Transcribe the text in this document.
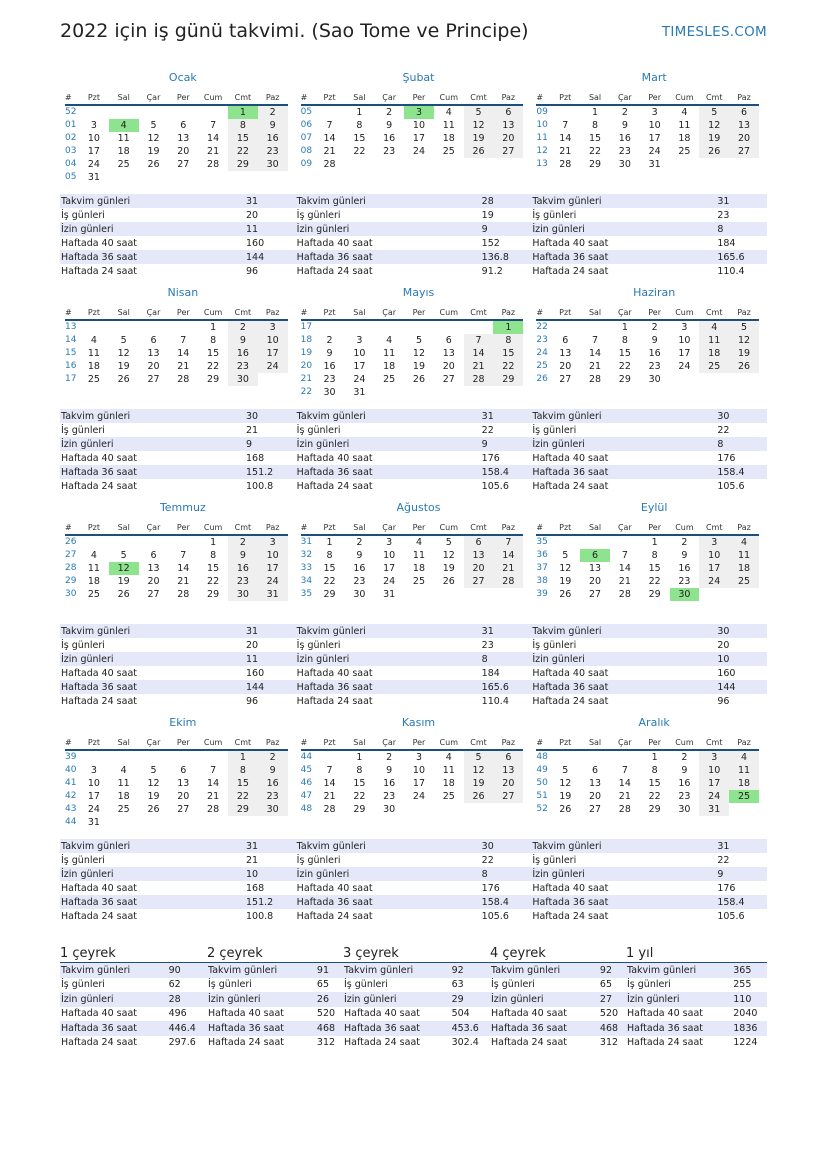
2022 için iş günü takvimi. (Sao Tome ve Principe)	TIMESLES.COM
Ocak
#	Pzt	Sal	Çar	Per	Cum	Cmt	Paz
52						1	2
01	3	4	5	6	7	8	9
02	10	11	12	13	14	15	16
03	17	18	19	20	21	22	23
04	24	25	26	27	28	29	30
05	31						
Takvim günleri	31
İş günleri	20
İzin günleri	11
Haftada 40 saat	160
Haftada 36 saat	144
Haftada 24 saat	96
Şubat
#	Pzt	Sal	Çar	Per	Cum	Cmt	Paz
05		1	2	3	4	5	6
06	7	8	9	10	11	12	13
07	14	15	16	17	18	19	20
08	21	22	23	24	25	26	27
09	28						
Takvim günleri	28
İş günleri	19
İzin günleri	9
Haftada 40 saat	152
Haftada 36 saat	136.8
Haftada 24 saat	91.2
Mart
#	Pzt	Sal	Çar	Per	Cum	Cmt	Paz
09		1	2	3	4	5	6
10	7	8	9	10	11	12	13
11	14	15	16	17	18	19	20
12	21	22	23	24	25	26	27
13	28	29	30	31			
Takvim günleri	31
İş günleri	23
İzin günleri	8
Haftada 40 saat	184
Haftada 36 saat	165.6
Haftada 24 saat	110.4
Nisan
#	Pzt	Sal	Çar	Per	Cum	Cmt	Paz
13					1	2	3
14	4	5	6	7	8	9	10
15	11	12	13	14	15	16	17
16	18	19	20	21	22	23	24
17	25	26	27	28	29	30	
Takvim günleri	30
İş günleri	21
İzin günleri	9
Haftada 40 saat	168
Haftada 36 saat	151.2
Haftada 24 saat	100.8
Mayıs
#	Pzt	Sal	Çar	Per	Cum	Cmt	Paz
17							1
18	2	3	4	5	6	7	8
19	9	10	11	12	13	14	15
20	16	17	18	19	20	21	22
21	23	24	25	26	27	28	29
22	30	31					
Takvim günleri	31
İş günleri	22
İzin günleri	9
Haftada 40 saat	176
Haftada 36 saat	158.4
Haftada 24 saat	105.6
Haziran
#	Pzt	Sal	Çar	Per	Cum	Cmt	Paz
22			1	2	3	4	5
23	6	7	8	9	10	11	12
24	13	14	15	16	17	18	19
25	20	21	22	23	24	25	26
26	27	28	29	30			
Takvim günleri	30
İş günleri	22
İzin günleri	8
Haftada 40 saat	176
Haftada 36 saat	158.4
Haftada 24 saat	105.6
Temmuz
#	Pzt	Sal	Çar	Per	Cum	Cmt	Paz
26					1	2	3
27	4	5	6	7	8	9	10
28	11	12	13	14	15	16	17
29	18	19	20	21	22	23	24
30	25	26	27	28	29	30	31
Takvim günleri	31
İş günleri	20
İzin günleri	11
Haftada 40 saat	160
Haftada 36 saat	144
Haftada 24 saat	96
Ağustos
#	Pzt	Sal	Çar	Per	Cum	Cmt	Paz
31	1	2	3	4	5	6	7
32	8	9	10	11	12	13	14
33	15	16	17	18	19	20	21
34	22	23	24	25	26	27	28
35	29	30	31				
Takvim günleri	31
İş günleri	23
İzin günleri	8
Haftada 40 saat	184
Haftada 36 saat	165.6
Haftada 24 saat	110.4
Eylül
#	Pzt	Sal	Çar	Per	Cum	Cmt	Paz
35				1	2	3	4
36	5	6	7	8	9	10	11
37	12	13	14	15	16	17	18
38	19	20	21	22	23	24	25
39	26	27	28	29	30		
Takvim günleri	30
İş günleri	20
İzin günleri	10
Haftada 40 saat	160
Haftada 36 saat	144
Haftada 24 saat	96
Ekim
#	Pzt	Sal	Çar	Per	Cum	Cmt	Paz
39						1	2
40	3	4	5	6	7	8	9
41	10	11	12	13	14	15	16
42	17	18	19	20	21	22	23
43	24	25	26	27	28	29	30
44	31						
Takvim günleri	31
İş günleri	21
İzin günleri	10
Haftada 40 saat	168
Haftada 36 saat	151.2
Haftada 24 saat	100.8
Kasım
#	Pzt	Sal	Çar	Per	Cum	Cmt	Paz
44		1	2	3	4	5	6
45	7	8	9	10	11	12	13
46	14	15	16	17	18	19	20
47	21	22	23	24	25	26	27
48	28	29	30				
Takvim günleri	30
İş günleri	22
İzin günleri	8
Haftada 40 saat	176
Haftada 36 saat	158.4
Haftada 24 saat	105.6
Aralık
#	Pzt	Sal	Çar	Per	Cum	Cmt	Paz
48				1	2	3	4
49	5	6	7	8	9	10	11
50	12	13	14	15	16	17	18
51	19	20	21	22	23	24	25
52	26	27	28	29	30	31	
Takvim günleri	31
İş günleri	22
İzin günleri	9
Haftada 40 saat	176
Haftada 36 saat	158.4
Haftada 24 saat	105.6
1 çeyrek
Takvim günleri	90
İş günleri	62
İzin günleri	28
Haftada 40 saat	496
Haftada 36 saat	446.4
Haftada 24 saat	297.6
2 çeyrek
Takvim günleri	91
İş günleri	65
İzin günleri	26
Haftada 40 saat	520
Haftada 36 saat	468
Haftada 24 saat	312
3 çeyrek
Takvim günleri	92
İş günleri	63
İzin günleri	29
Haftada 40 saat	504
Haftada 36 saat	453.6
Haftada 24 saat	302.4
4 çeyrek
Takvim günleri	92
İş günleri	65
İzin günleri	27
Haftada 40 saat	520
Haftada 36 saat	468
Haftada 24 saat	312
1 yıl
Takvim günleri	365
İş günleri	255
İzin günleri	110
Haftada 40 saat	2040
Haftada 36 saat	1836
Haftada 24 saat	1224
